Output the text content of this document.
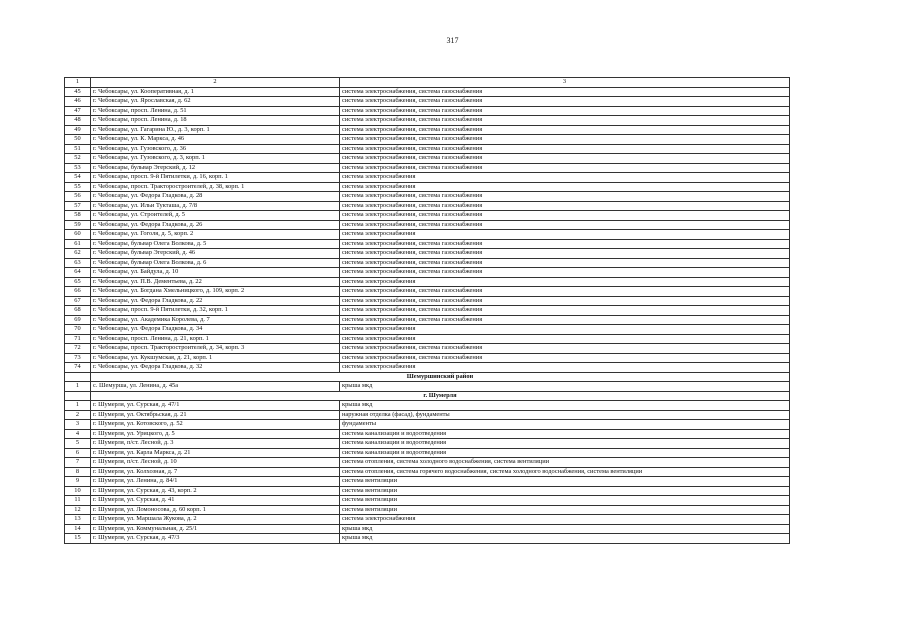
317
1	2	3
45	г. Чебоксары, ул. Кооперативная, д. 1	система электроснабжения, система газоснабжения
46	г. Чебоксары, ул. Ярославская, д. 62	система электроснабжения, система газоснабжения
47	г. Чебоксары, просп. Ленина, д. 51	система электроснабжения, система газоснабжения
48	г. Чебоксары, просп. Ленина, д. 18	система электроснабжения, система газоснабжения
49	г. Чебоксары, ул. Гагарина Ю., д. 3, корп. 1	система электроснабжения, система газоснабжения
50	г. Чебоксары, ул. К. Маркса, д. 46	система электроснабжения, система газоснабжения
51	г. Чебоксары, ул. Гузовского, д. 36	система электроснабжения, система газоснабжения
52	г. Чебоксары, ул. Гузовского, д. 3, корп. 1	система электроснабжения, система газоснабжения
53	г. Чебоксары, бульвар Эгерский, д. 12	система электроснабжения, система газоснабжения
54	г. Чебоксары, просп. 9-й Пятилетки, д. 16, корп. 1	система электроснабжения
55	г. Чебоксары, просп. Тракторостроителей, д. 38, корп. 1	система электроснабжения
56	г. Чебоксары, ул. Федора Гладкова, д. 28	система электроснабжения, система газоснабжения
57	г. Чебоксары, ул. Ильи Тукташа, д. 7/8	система электроснабжения, система газоснабжения
58	г. Чебоксары, ул. Строителей, д. 5	система электроснабжения, система газоснабжения
59	г. Чебоксары, ул. Федора Гладкова, д. 26	система электроснабжения, система газоснабжения
60	г. Чебоксары, ул. Гоголя, д. 5, корп. 2	система электроснабжения
61	г. Чебоксары, бульвар Олега Волкова, д. 5	система электроснабжения, система газоснабжения
62	г. Чебоксары, бульвар Эгерский, д. 46	система электроснабжения, система газоснабжения
63	г. Чебоксары, бульвар Олега Волкова, д. 6	система электроснабжения, система газоснабжения
64	г. Чебоксары, ул. Байдула, д. 10	система электроснабжения, система газоснабжения
65	г. Чебоксары, ул. П.В. Дементьева, д. 22	система электроснабжения
66	г. Чебоксары, ул. Богдана Хмельницкого, д. 109, корп. 2	система электроснабжения, система газоснабжения
67	г. Чебоксары, ул. Федора Гладкова, д. 22	система электроснабжения, система газоснабжения
68	г. Чебоксары, просп. 9-й Пятилетки, д. 32, корп. 1	система электроснабжения, система газоснабжения
69	г. Чебоксары, ул. Академика Королева, д. 7	система электроснабжения, система газоснабжения
70	г. Чебоксары, ул. Федора Гладкова, д. 34	система электроснабжения
71	г. Чебоксары, просп. Ленина, д. 21, корп. 1	система электроснабжения
72	г. Чебоксары, просп. Тракторостроителей, д. 34, корп. 3	система электроснабжения, система газоснабжения
73	г. Чебоксары, ул. Кукшумская, д. 21, корп. 1	система электроснабжения, система газоснабжения
74	г. Чебоксары, ул. Федора Гладкова, д. 32	система электроснабжения
	Шемуршинский район	
1	с. Шемурша, ул. Ленина, д. 45а	крыша мкд
	г. Шумерля	
1	г. Шумерля, ул. Сурская, д. 47/1	крыша мкд
2	г. Шумерля, ул. Октябрьская, д. 21	наружная отделка (фасад), фундаменты
3	г. Шумерля, ул. Котовского, д. 52	фундаменты
4	г. Шумерля, ул. Урицкого, д. 5	система канализации и водоотведения
5	г. Шумерля, п/ст. Лесной, д. 3	система канализации и водоотведения
6	г. Шумерля, ул. Карла Маркса, д. 21	система канализации и водоотведения
7	г. Шумерля, п/ст. Лесной, д. 10	система отопления, система холодного водоснабжения, система вентиляции
8	г. Шумерля, ул. Колхозная, д. 7	система отопления, система горячего водоснабжения, система холодного водоснабжения, система вентиляции
9	г. Шумерля, ул. Ленина, д. 84/1	система вентиляции
10	г. Шумерля, ул. Сурская, д. 43, корп. 2	система вентиляции
11	г. Шумерля, ул. Сурская, д. 41	система вентиляции
12	г. Шумерля, ул. Ломоносова, д. 60 корп. 1	система вентиляции
13	г. Шумерля, ул. Маршала Жукова, д. 2	система электроснабжения
14	г. Шумерля, ул. Коммунальная, д. 25/1	крыша мкд
15	г. Шумерля, ул. Сурская, д. 47/3	крыша мкд
